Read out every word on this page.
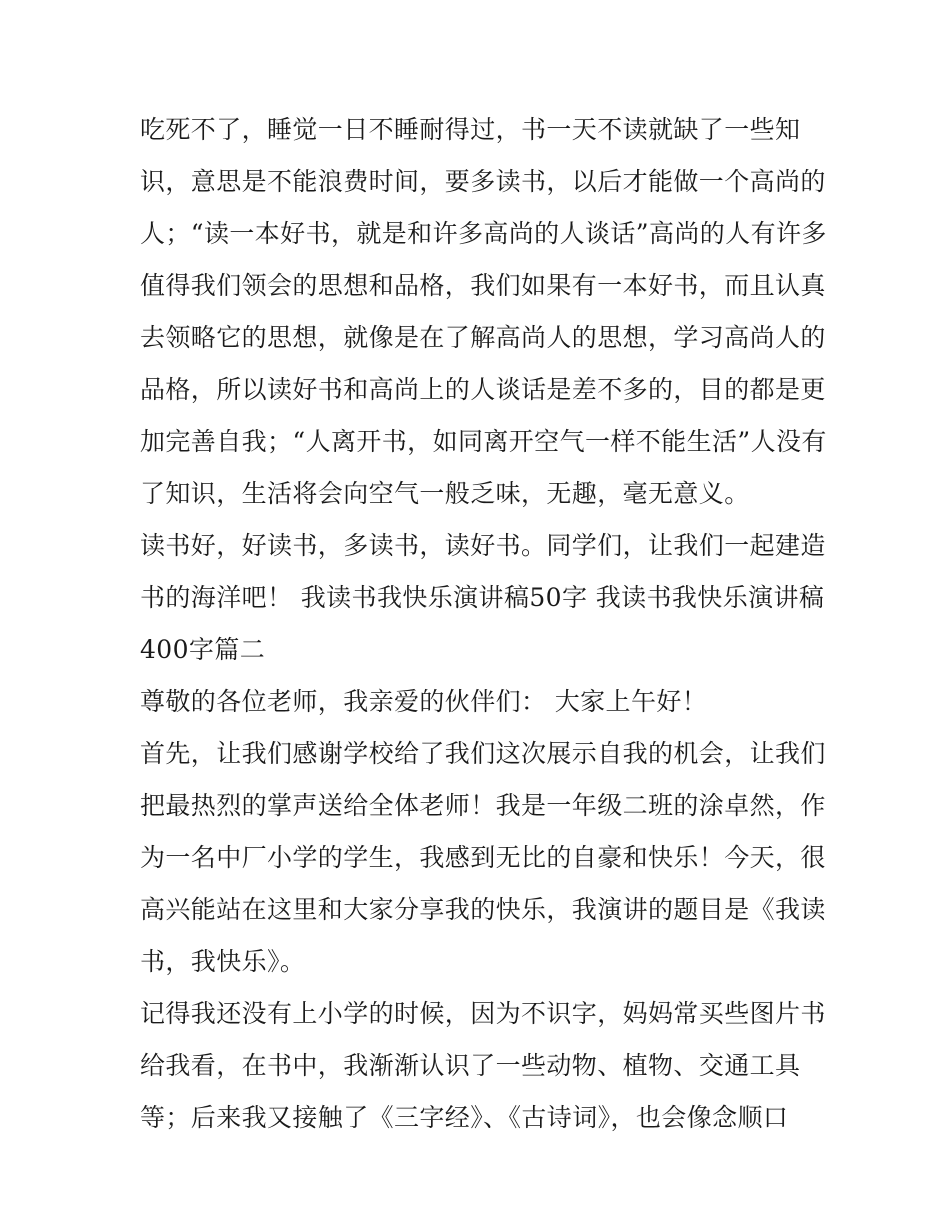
吃死不了，睡觉一日不睡耐得过，书一天不读就缺了一些知
识，意思是不能浪费时间，要多读书，以后才能做一个高尚的
人；“读一本好书，就是和许多高尚的人谈话”高尚的人有许多
值得我们领会的思想和品格，我们如果有一本好书，而且认真
去领略它的思想，就像是在了解高尚人的思想，学习高尚人的
品格，所以读好书和高尚上的人谈话是差不多的，目的都是更
加完善自我；“人离开书，如同离开空气一样不能生活”人没有
了知识，生活将会向空气一般乏味，无趣，毫无意义。
读书好，好读书，多读书，读好书。同学们，让我们一起建造
书的海洋吧！ 我读书我快乐演讲稿50字 我读书我快乐演讲稿
400字篇二
尊敬的各位老师，我亲爱的伙伴们： 大家上午好！
首先，让我们感谢学校给了我们这次展示自我的机会，让我们
把最热烈的掌声送给全体老师！我是一年级二班的涂卓然，作
为一名中厂小学的学生，我感到无比的自豪和快乐！今天，很
高兴能站在这里和大家分享我的快乐，我演讲的题目是《我读
书，我快乐》。
记得我还没有上小学的时候，因为不识字，妈妈常买些图片书
给我看，在书中，我渐渐认识了一些动物、植物、交通工具
等；后来我又接触了《三字经》、《古诗词》，也会像念顺口
